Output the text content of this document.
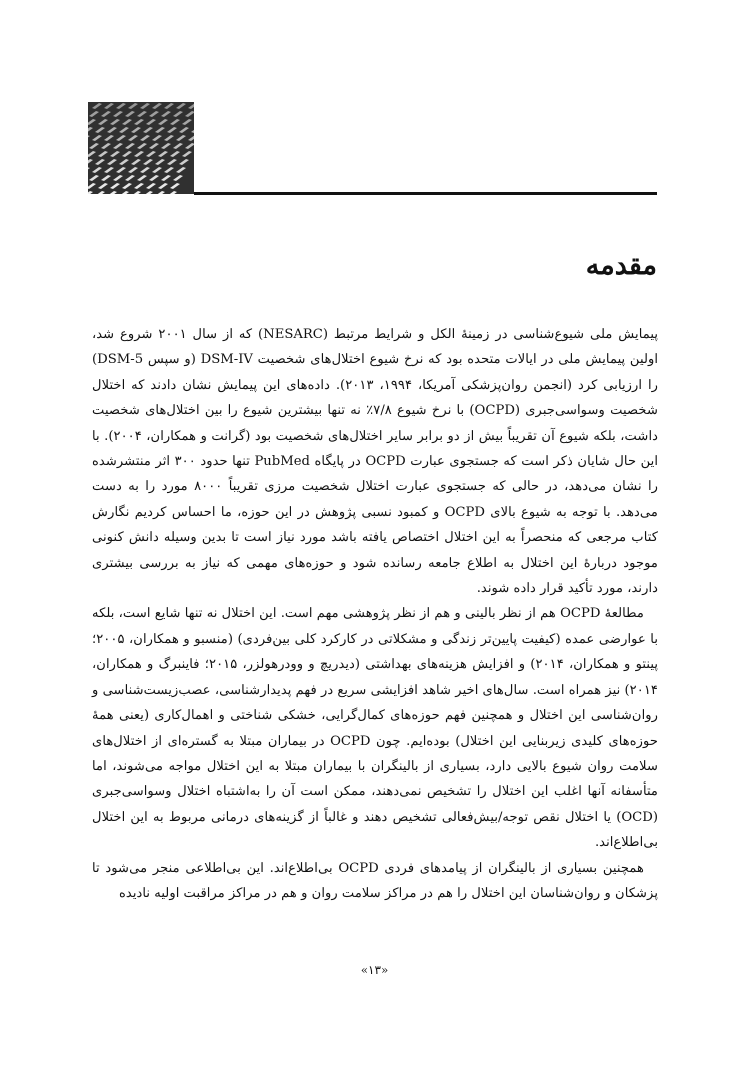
مقدمه

پیمایش ملی شیوع‌شناسی در زمینهٔ الکل و شرایط مرتبط (NESARC) که از سال ۲۰۰۱ شروع شد، اولین پیمایش ملی در ایالات متحده بود که نرخ شیوع اختلال‌های شخصیت DSM-IV (و سپس DSM-5) را ارزیابی کرد (انجمن روان‌پزشکی آمریکا، ۱۹۹۴، ۲۰۱۳). داده‌های این پیمایش نشان دادند که اختلال شخصیت وسواسی‌جبری (OCPD) با نرخ شیوع ۷/۸٪ نه تنها بیشترین شیوع را بین اختلال‌های شخصیت داشت، بلکه شیوع آن تقریباً بیش از دو برابر سایر اختلال‌های شخصیت بود (گرانت و همکاران، ۲۰۰۴). با این حال شایان ذکر است که جستجوی عبارت OCPD در پایگاه PubMed تنها حدود ۳۰۰ اثر منتشرشده را نشان می‌دهد، در حالی که جستجوی عبارت اختلال شخصیت مرزی تقریباً ۸۰۰۰ مورد را به دست می‌دهد. با توجه به شیوع بالای OCPD و کمبود نسبی پژوهش در این حوزه، ما احساس کردیم نگارش کتاب مرجعی که منحصراً به این اختلال اختصاص یافته باشد مورد نیاز است تا بدین وسیله دانش کنونی موجود دربارهٔ این اختلال به اطلاع جامعه رسانده شود و حوزه‌های مهمی که نیاز به بررسی بیشتری دارند، مورد تأکید قرار داده شوند.

مطالعهٔ OCPD هم از نظر بالینی و هم از نظر پژوهشی مهم است. این اختلال نه تنها شایع است، بلکه با عوارضی عمده (کیفیت پایین‌تر زندگی و مشکلاتی در کارکرد کلی بین‌فردی) (منسبو و همکاران، ۲۰۰۵؛ پینتو و همکاران، ۲۰۱۴) و افزایش هزینه‌های بهداشتی (دیدریچ و وودرهولزر، ۲۰۱۵؛ فاینبرگ و همکاران، ۲۰۱۴) نیز همراه است. سال‌های اخیر شاهد افزایشی سریع در فهم پدیدارشناسی، عصب‌زیست‌شناسی و روان‌شناسی این اختلال و همچنین فهم حوزه‌های کمال‌گرایی، خشکی شناختی و اهمال‌کاری (یعنی همهٔ حوزه‌های کلیدی زیربنایی این اختلال) بوده‌ایم. چون OCPD در بیماران مبتلا به گستره‌ای از اختلال‌های سلامت روان شیوع بالایی دارد، بسیاری از بالینگران با بیماران مبتلا به این اختلال مواجه می‌شوند، اما متأسفانه آنها اغلب این اختلال را تشخیص نمی‌دهند، ممکن است آن را به‌اشتباه اختلال وسواسی‌جبری (OCD) یا اختلال نقص توجه/بیش‌فعالی تشخیص دهند و غالباً از گزینه‌های درمانی مربوط به این اختلال بی‌اطلاع‌اند.

همچنین بسیاری از بالینگران از پیامدهای فردی OCPD بی‌اطلاع‌اند. این بی‌اطلاعی منجر می‌شود تا پزشکان و روان‌شناسان این اختلال را هم در مراکز سلامت روان و هم در مراکز مراقبت اولیه نادیده

«۱۳»
